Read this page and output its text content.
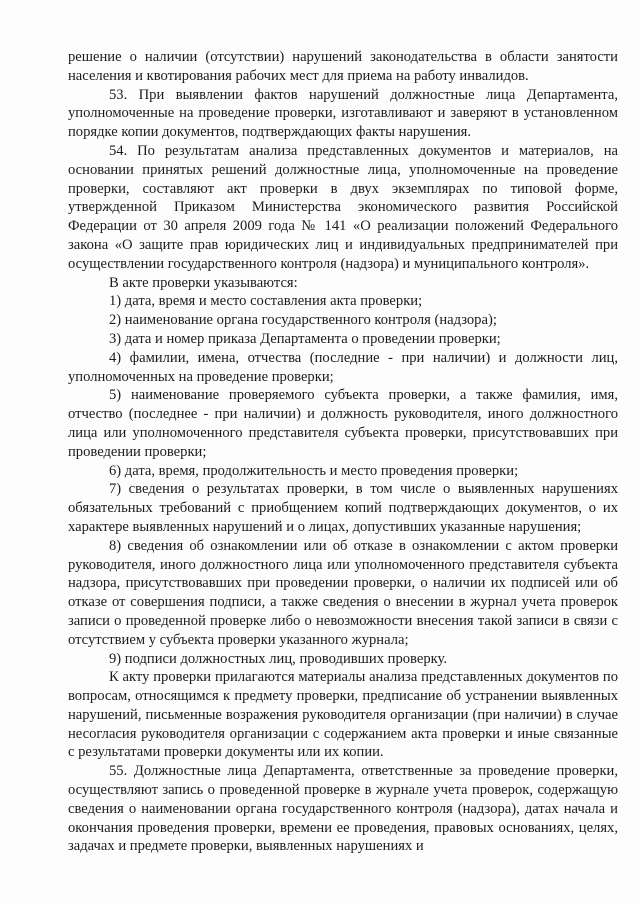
решение о наличии (отсутствии) нарушений законодательства в области занятости населения и квотирования рабочих мест для приема на работу инвалидов.

53. При выявлении фактов нарушений должностные лица Департамента, уполномоченные на проведение проверки, изготавливают и заверяют в установленном порядке копии документов, подтверждающих факты нарушения.

54. По результатам анализа представленных документов и материалов, на основании принятых решений должностные лица, уполномоченные на проведение проверки, составляют акт проверки в двух экземплярах по типовой форме, утвержденной Приказом Министерства экономического развития Российской Федерации от 30 апреля 2009 года № 141 «О реализации положений Федерального закона «О защите прав юридических лиц и индивидуальных предпринимателей при осуществлении государственного контроля (надзора) и муниципального контроля».

В акте проверки указываются:

1) дата, время и место составления акта проверки;

2) наименование органа государственного контроля (надзора);

3) дата и номер приказа Департамента о проведении проверки;

4) фамилии, имена, отчества (последние - при наличии) и должности лиц, уполномоченных на проведение проверки;

5) наименование проверяемого субъекта проверки, а также фамилия, имя, отчество (последнее - при наличии) и должность руководителя, иного должностного лица или уполномоченного представителя субъекта проверки, присутствовавших при проведении проверки;

6) дата, время, продолжительность и место проведения проверки;

7) сведения о результатах проверки, в том числе о выявленных нарушениях обязательных требований с приобщением копий подтверждающих документов, о их характере выявленных нарушений и о лицах, допустивших указанные нарушения;

8) сведения об ознакомлении или об отказе в ознакомлении с актом проверки руководителя, иного должностного лица или уполномоченного представителя субъекта надзора, присутствовавших при проведении проверки, о наличии их подписей или об отказе от совершения подписи, а также сведения о внесении в журнал учета проверок записи о проведенной проверке либо о невозможности внесения такой записи в связи с отсутствием у субъекта проверки указанного журнала;

9) подписи должностных лиц, проводивших проверку.

К акту проверки прилагаются материалы анализа представленных документов по вопросам, относящимся к предмету проверки, предписание об устранении выявленных нарушений, письменные возражения руководителя организации (при наличии) в случае несогласия руководителя организации с содержанием акта проверки и иные связанные с результатами проверки документы или их копии.

55. Должностные лица Департамента, ответственные за проведение проверки, осуществляют запись о проведенной проверке в журнале учета проверок, содержащую сведения о наименовании органа государственного контроля (надзора), датах начала и окончания проведения проверки, времени ее проведения, правовых основаниях, целях, задачах и предмете проверки, выявленных нарушениях и
